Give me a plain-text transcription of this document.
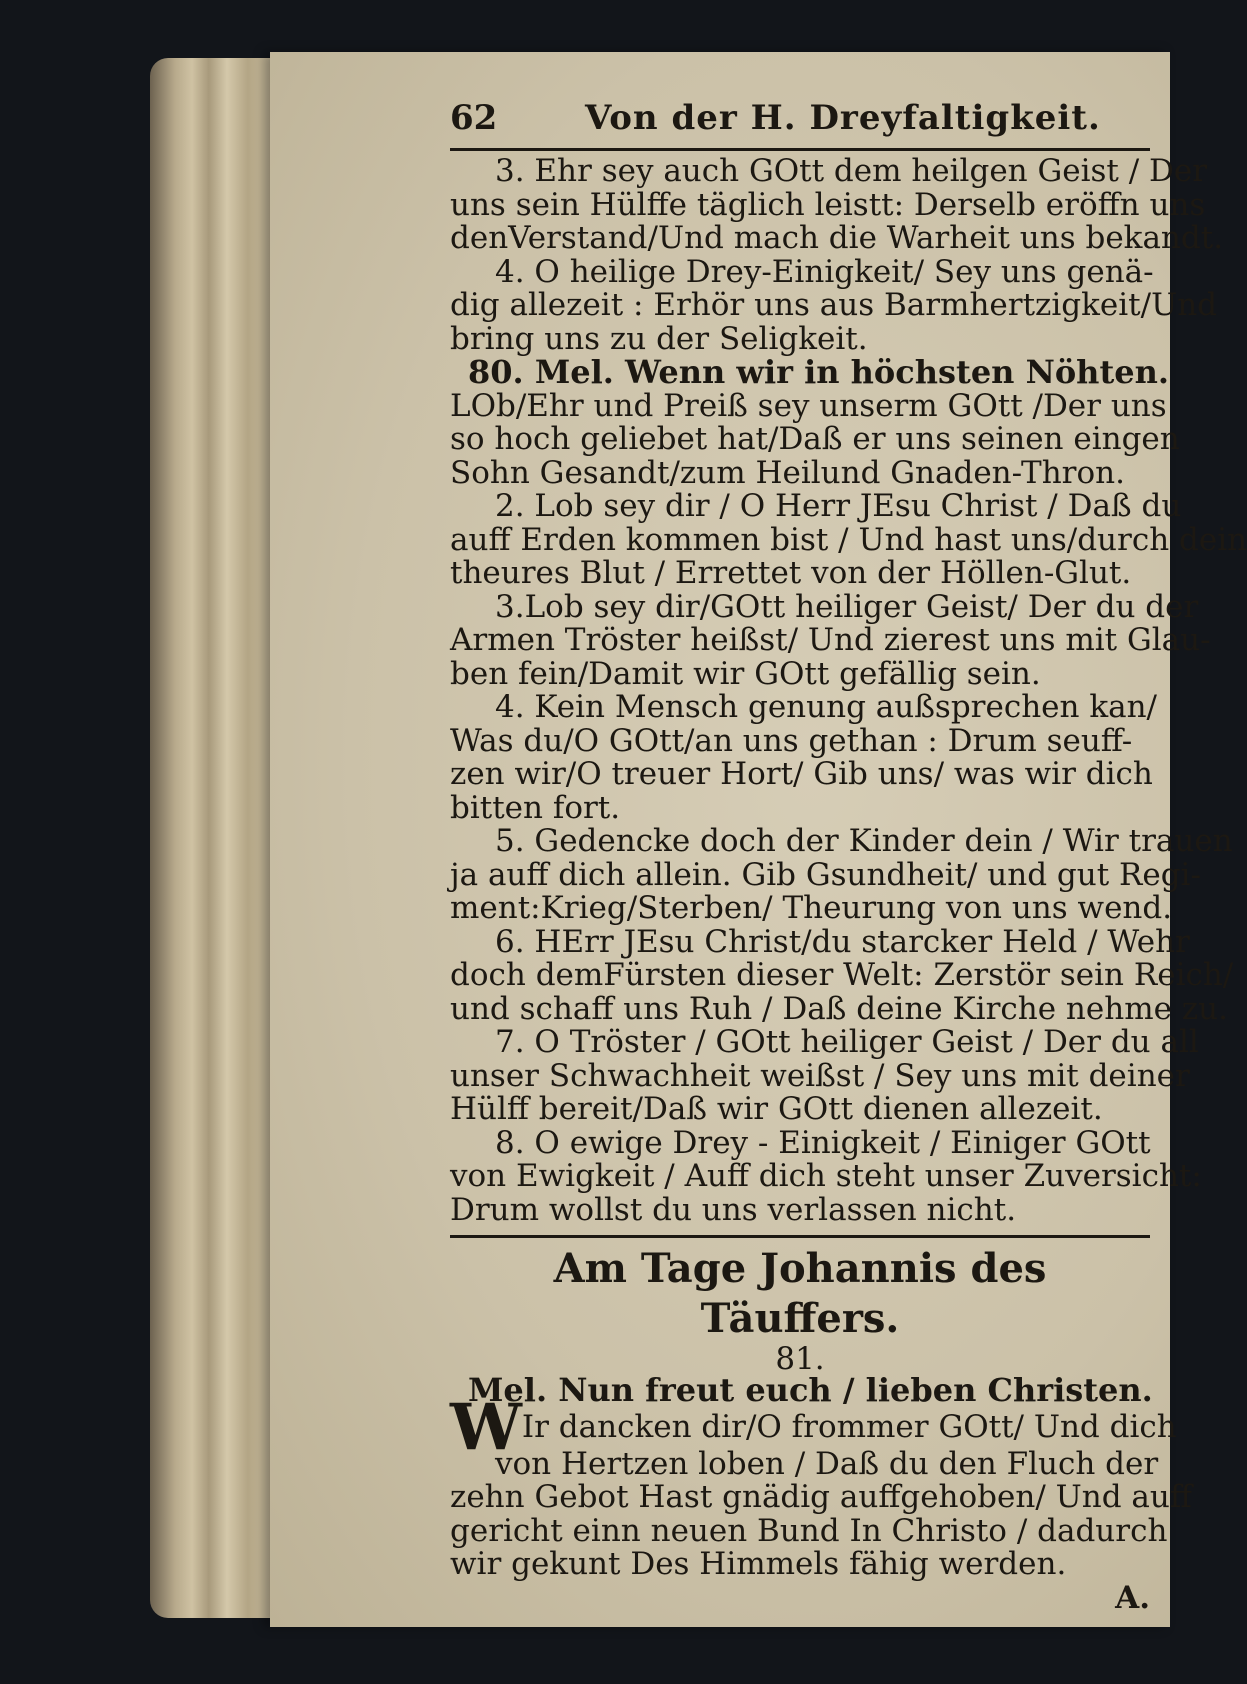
62	Von der H. Dreyfaltigkeit.
3. Ehr sey auch GOtt dem heilgen Geist / Der
uns sein Hülffe täglich leistt: Derselb eröffn uns
denVerstand/Und mach die Warheit uns bekandt.
4. O heilige Drey-Einigkeit/ Sey uns genä-
dig allezeit : Erhör uns aus Barmhertzigkeit/Und
bring uns zu der Seligkeit.
80. Mel. Wenn wir in höchsten Nöhten.
LOb/Ehr und Preiß sey unserm GOtt /Der uns
so hoch geliebet hat/Daß er uns seinen eingen
Sohn Gesandt/zum Heilund Gnaden-Thron.
2. Lob sey dir / O Herr JEsu Christ / Daß du
auff Erden kommen bist / Und hast uns/durch dein
theures Blut / Errettet von der Höllen-Glut.
3.Lob sey dir/GOtt heiliger Geist/ Der du der
Armen Tröster heißst/ Und zierest uns mit Glau-
ben fein/Damit wir GOtt gefällig sein.
4. Kein Mensch genung außsprechen kan/
Was du/O GOtt/an uns gethan : Drum seuff-
zen wir/O treuer Hort/ Gib uns/ was wir dich
bitten fort.
5. Gedencke doch der Kinder dein / Wir trauen
ja auff dich allein. Gib Gsundheit/ und gut Regi-
ment:Krieg/Sterben/ Theurung von uns wend.
6. HErr JEsu Christ/du starcker Held / Wehr
doch demFürsten dieser Welt: Zerstör sein Reich/
und schaff uns Ruh / Daß deine Kirche nehme zu.
7. O Tröster / GOtt heiliger Geist / Der du all
unser Schwachheit weißst / Sey uns mit deiner
Hülff bereit/Daß wir GOtt dienen allezeit.
8. O ewige Drey - Einigkeit / Einiger GOtt
von Ewigkeit / Auff dich steht unser Zuversicht:
Drum wollst du uns verlassen nicht.
Am Tage Johannis des Täuffers.
81.
Mel. Nun freut euch / lieben Christen.
WIr dancken dir/O frommer GOtt/ Und dich
von Hertzen loben / Daß du den Fluch der
zehn Gebot Hast gnädig auffgehoben/ Und auff
gericht einn neuen Bund In Christo / dadurch
wir gekunt Des Himmels fähig werden.
A.
